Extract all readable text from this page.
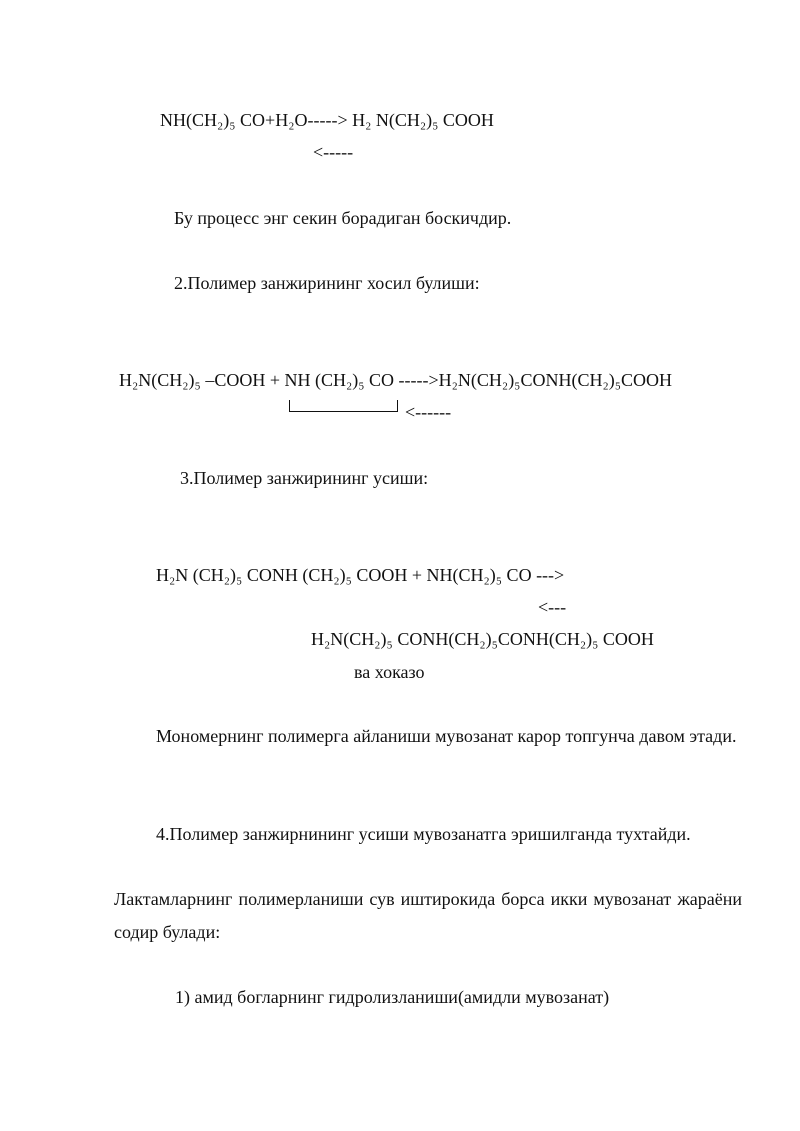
NH(CH₂)₅ CO+H₂O-----> H₂ N(CH₂)₅ COOH
<-----
Бу процесс энг секин борадиган боскичдир.
2.Полимер занжирининг хосил булиши:
H₂N(CH₂)₅ –COOH + NH (CH₂)₅ CO ----->H₂N(CH₂)₅CONH(CH₂)₅COOH
<------
3.Полимер занжирининг усиши:
H₂N (CH₂)₅ CONH (CH₂)₅ COOH + NH(CH₂)₅ CO --->
<---
H₂N(CH₂)₅ CONH(CH₂)₅CONH(CH₂)₅ COOH
ва хоказо
Мономернинг полимерга айланиши мувозанат карор топгунча давом этади.
4.Полимер занжирнининг усиши мувозанатга эришилганда тухтайди.
Лактамларнинг полимерланиши сув иштирокида борса икки мувозанат жараёни содир булади:
1) амид богларнинг гидролизланиши(амидли мувозанат)
